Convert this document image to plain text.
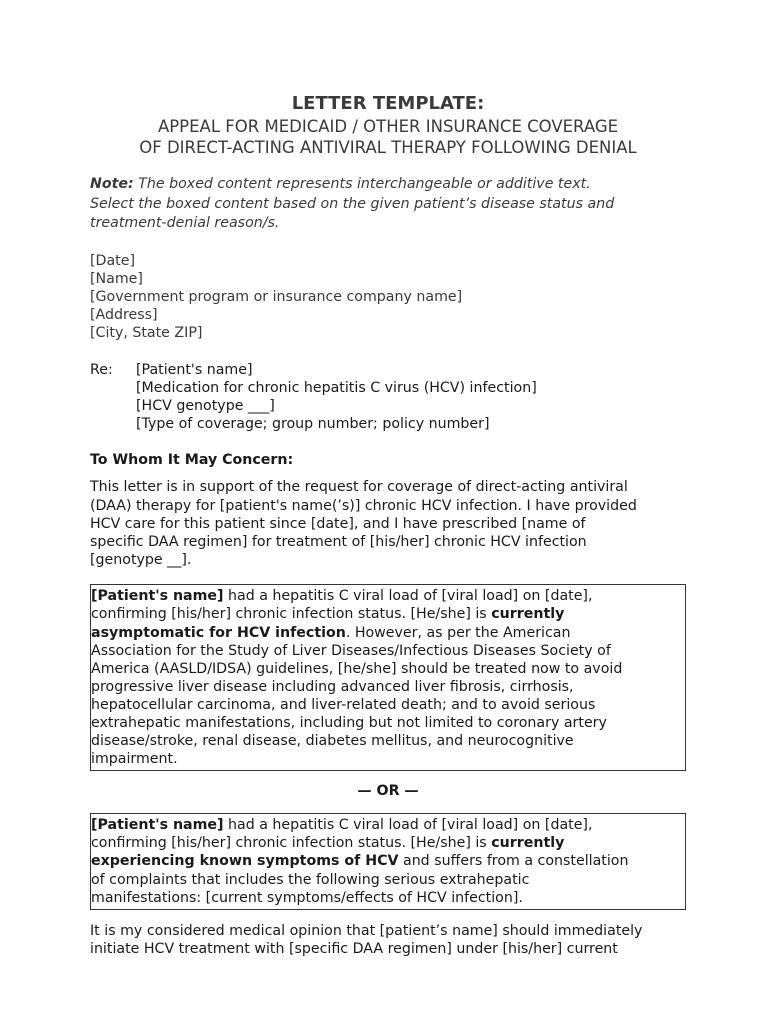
LETTER TEMPLATE:
APPEAL FOR MEDICAID / OTHER INSURANCE COVERAGE
OF DIRECT-ACTING ANTIVIRAL THERAPY FOLLOWING DENIAL
Note: The boxed content represents interchangeable or additive text.
Select the boxed content based on the given patient’s disease status and
treatment-denial reason/s.
[Date]
[Name]
[Government program or insurance company name]
[Address]
[City, State ZIP]
Re:	[Patient's name]
[Medication for chronic hepatitis C virus (HCV) infection]
[HCV genotype ___]
[Type of coverage; group number; policy number]
To Whom It May Concern:
This letter is in support of the request for coverage of direct-acting antiviral
(DAA) therapy for [patient's name(’s)] chronic HCV infection. I have provided
HCV care for this patient since [date], and I have prescribed [name of
specific DAA regimen] for treatment of [his/her] chronic HCV infection
[genotype __].
[Patient's name] had a hepatitis C viral load of [viral load] on [date],
confirming [his/her] chronic infection status. [He/she] is currently
asymptomatic for HCV infection. However, as per the American
Association for the Study of Liver Diseases/Infectious Diseases Society of
America (AASLD/IDSA) guidelines, [he/she] should be treated now to avoid
progressive liver disease including advanced liver fibrosis, cirrhosis,
hepatocellular carcinoma, and liver-related death; and to avoid serious
extrahepatic manifestations, including but not limited to coronary artery
disease/stroke, renal disease, diabetes mellitus, and neurocognitive
impairment.
— OR —
[Patient's name] had a hepatitis C viral load of [viral load] on [date],
confirming [his/her] chronic infection status. [He/she] is currently
experiencing known symptoms of HCV and suffers from a constellation
of complaints that includes the following serious extrahepatic
manifestations: [current symptoms/effects of HCV infection].
It is my considered medical opinion that [patient’s name] should immediately
initiate HCV treatment with [specific DAA regimen] under [his/her] current
